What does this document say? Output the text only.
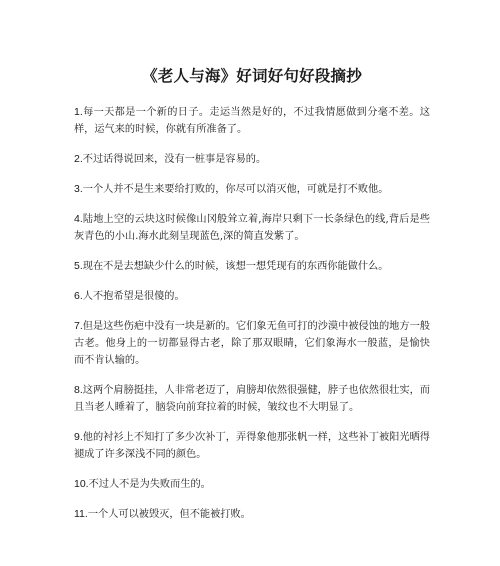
《老人与海》好词好句好段摘抄

1.每一天都是一个新的日子。走运当然是好的，不过我情愿做到分毫不差。这样，运气来的时候，你就有所准备了。

2.不过话得说回来，没有一桩事是容易的。

3.一个人并不是生来要给打败的，你尽可以消灭他，可就是打不败他。

4.陆地上空的云块这时候像山冈般耸立着,海岸只剩下一长条绿色的线,背后是些灰青色的小山.海水此刻呈现蓝色,深的简直发紫了。

5.现在不是去想缺少什么的时候，该想一想凭现有的东西你能做什么。

6.人不抱希望是很傻的。

7.但是这些伤疤中没有一块是新的。它们象无鱼可打的沙漠中被侵蚀的地方一般古老。他身上的一切都显得古老，除了那双眼睛，它们象海水一般蓝，是愉快而不肯认输的。

8.这两个肩膀挺挂，人非常老迈了，肩膀却依然很强健，脖子也依然很壮实，而且当老人睡着了，脑袋向前耷拉着的时候，皱纹也不大明显了。

9.他的衬衫上不知打了多少次补丁，弄得象他那张帆一样，这些补丁被阳光晒得褪成了许多深浅不同的颜色。

10.不过人不是为失败而生的。

11.一个人可以被毁灭，但不能被打败。
